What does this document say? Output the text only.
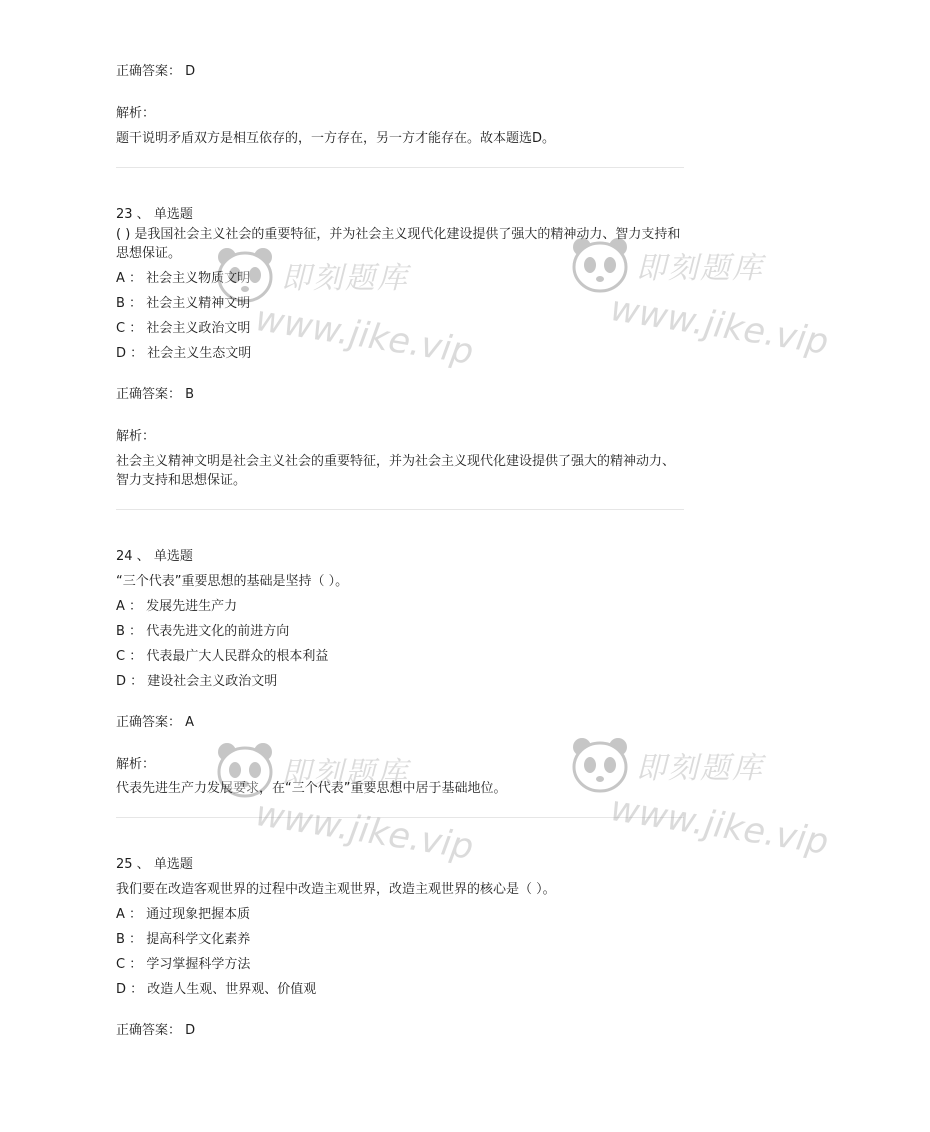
正确答案： D
解析：
题干说明矛盾双方是相互依存的，一方存在，另一方才能存在。故本题选D。
23 、 单选题
( ) 是我国社会主义社会的重要特征，并为社会主义现代化建设提供了强大的精神动力、智力支持和思想保证。
A ： 社会主义物质文明
B ： 社会主义精神文明
C ： 社会主义政治文明
D ： 社会主义生态文明
正确答案： B
解析：
社会主义精神文明是社会主义社会的重要特征，并为社会主义现代化建设提供了强大的精神动力、智力支持和思想保证。
24 、 单选题
“三个代表”重要思想的基础是坚持（ ）。
A ： 发展先进生产力
B ： 代表先进文化的前进方向
C ： 代表最广大人民群众的根本利益
D ： 建设社会主义政治文明
正确答案： A
解析：
代表先进生产力发展要求，在“三个代表”重要思想中居于基础地位。
25 、 单选题
我们要在改造客观世界的过程中改造主观世界，改造主观世界的核心是（ ）。
A ： 通过现象把握本质
B ： 提高科学文化素养
C ： 学习掌握科学方法
D ： 改造人生观、世界观、价值观
正确答案： D
即刻题库
www.jike.vip
即刻题库
www.jike.vip
即刻题库
www.jike.vip
即刻题库
www.jike.vip
